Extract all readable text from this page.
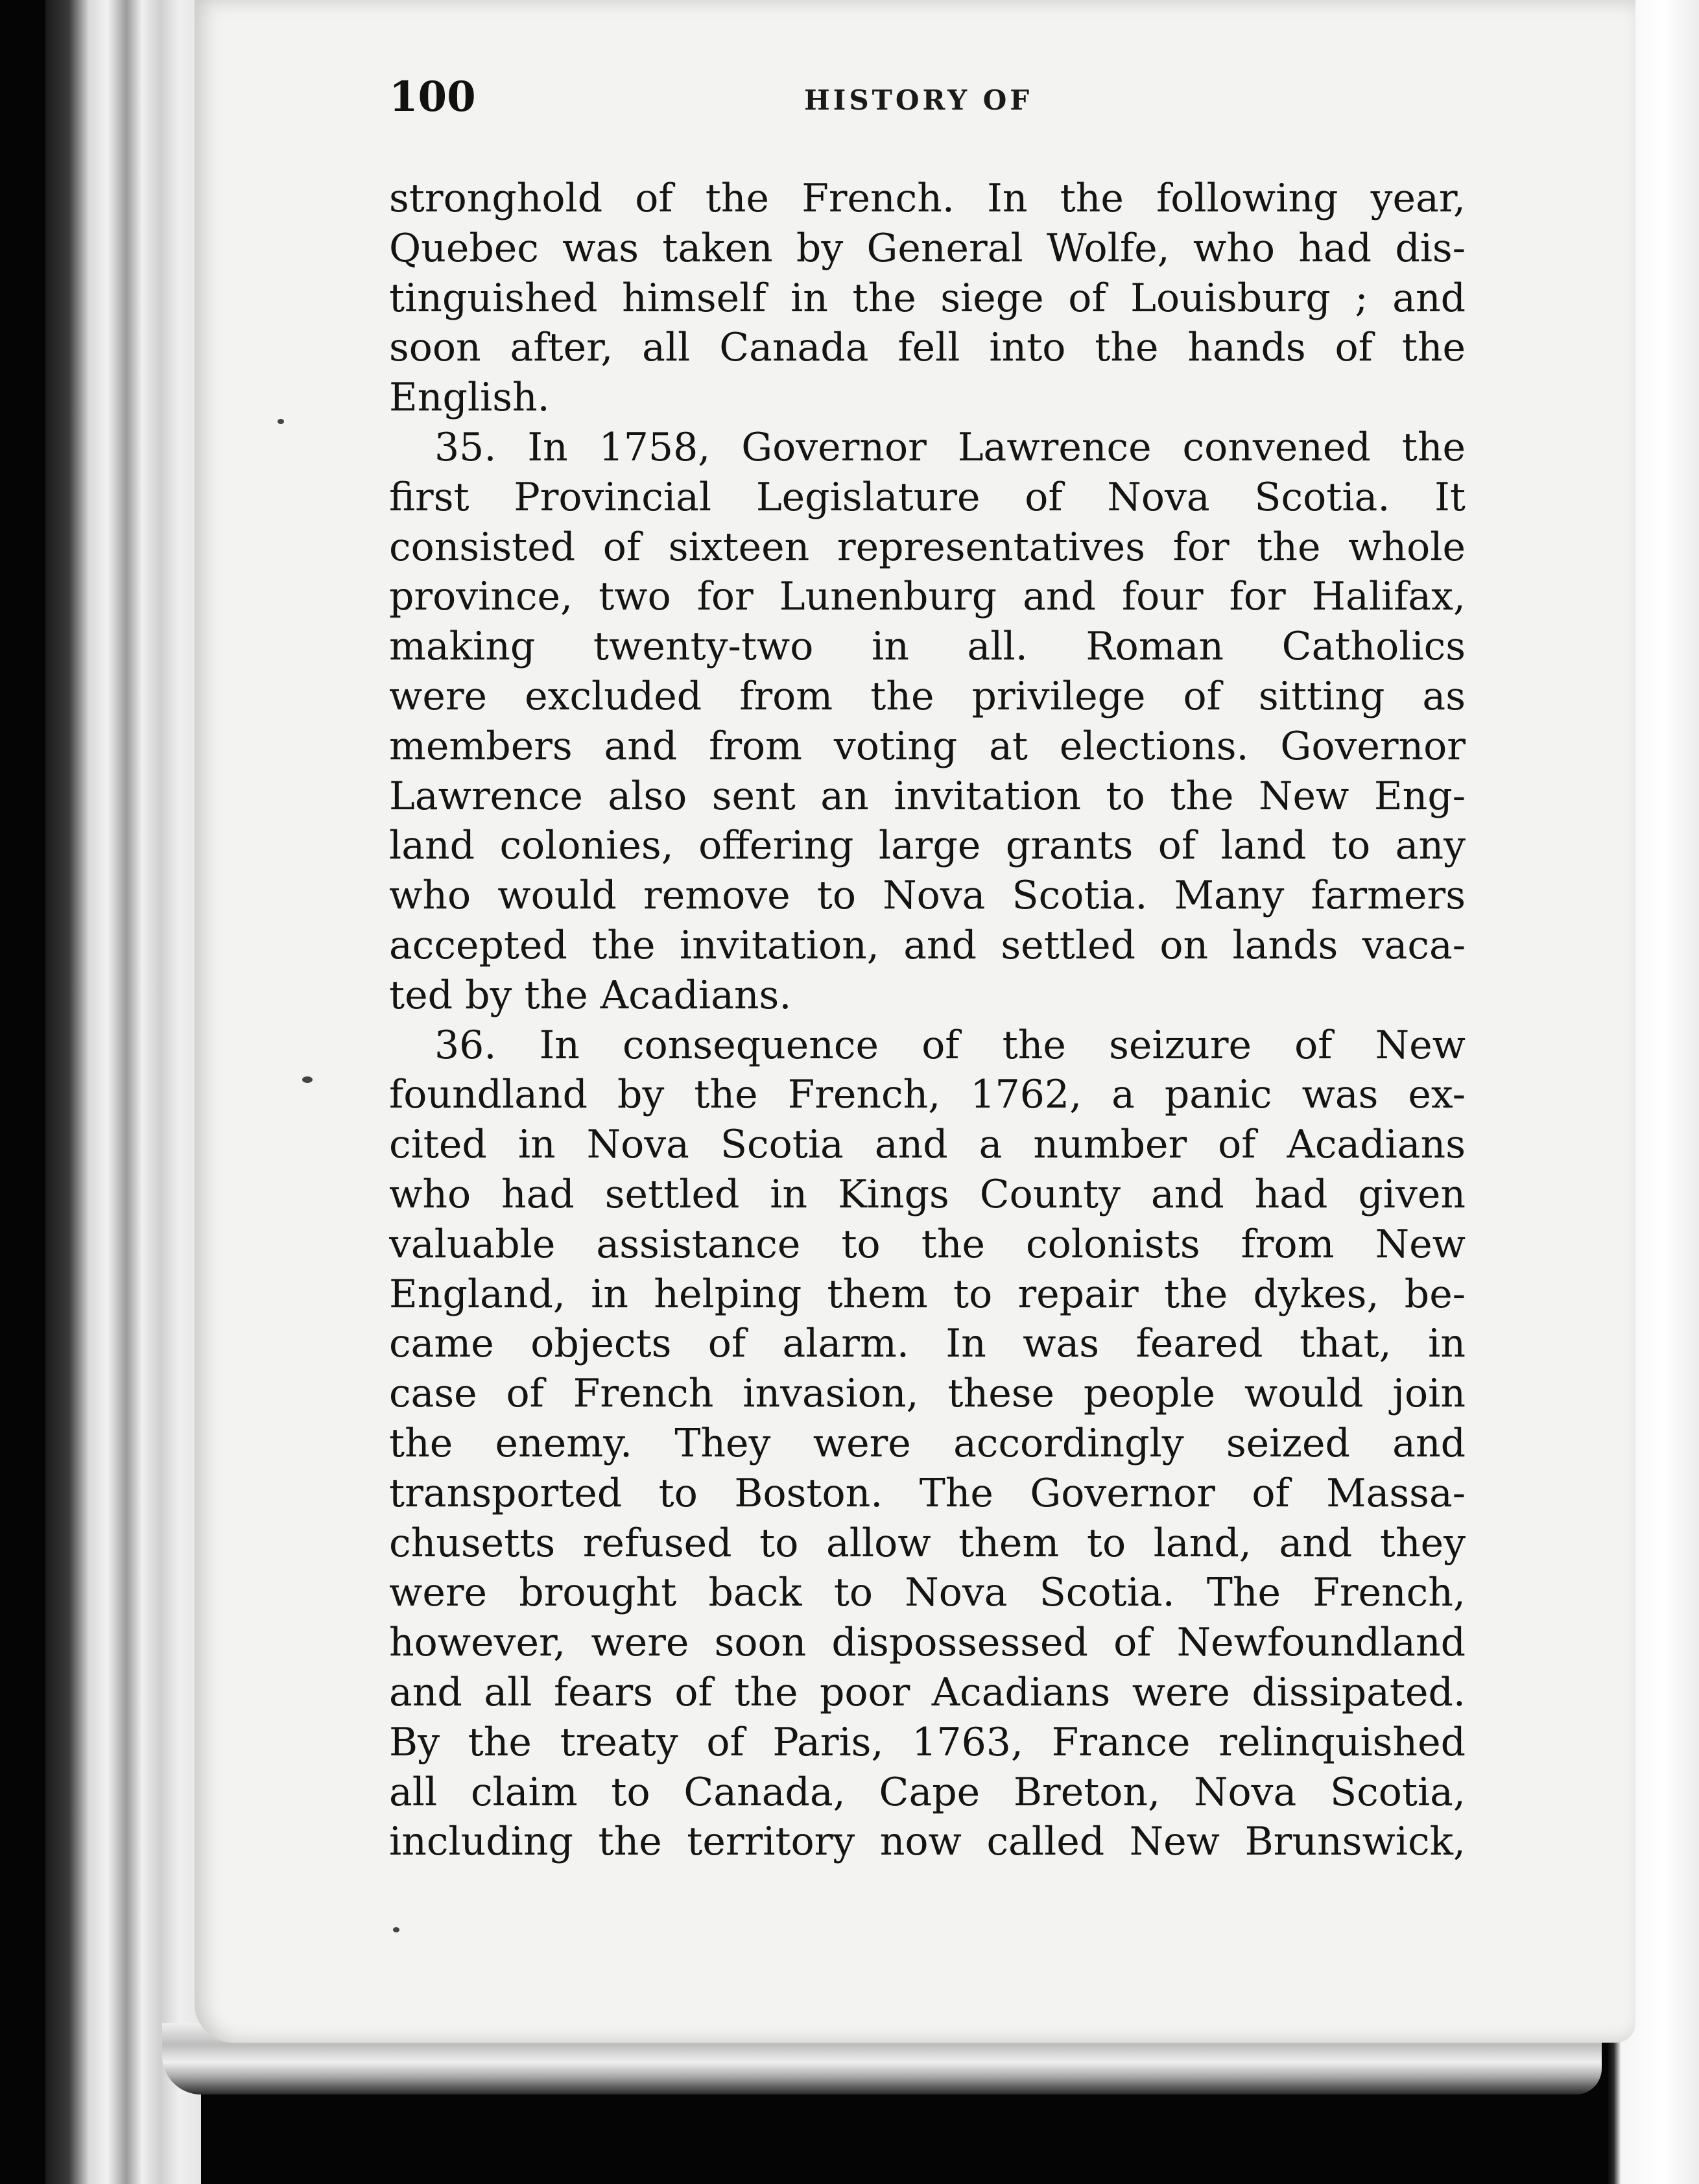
100	HISTORY OF
stronghold of the French. In the following year,
Quebec was taken by General Wolfe, who had dis-
tinguished himself in the siege of Louisburg ; and
soon after, all Canada fell into the hands of the
English.
35. In 1758, Governor Lawrence convened the
first Provincial Legislature of Nova Scotia. It
consisted of sixteen representatives for the whole
province, two for Lunenburg and four for Halifax,
making twenty-two in all. Roman Catholics
were excluded from the privilege of sitting as
members and from voting at elections. Governor
Lawrence also sent an invitation to the New Eng-
land colonies, offering large grants of land to any
who would remove to Nova Scotia. Many farmers
accepted the invitation, and settled on lands vaca-
ted by the Acadians.
36. In consequence of the seizure of New
foundland by the French, 1762, a panic was ex-
cited in Nova Scotia and a number of Acadians
who had settled in Kings County and had given
valuable assistance to the colonists from New
England, in helping them to repair the dykes, be-
came objects of alarm. In was feared that, in
case of French invasion, these people would join
the enemy. They were accordingly seized and
transported to Boston. The Governor of Massa-
chusetts refused to allow them to land, and they
were brought back to Nova Scotia. The French,
however, were soon dispossessed of Newfoundland
and all fears of the poor Acadians were dissipated.
By the treaty of Paris, 1763, France relinquished
all claim to Canada, Cape Breton, Nova Scotia,
including the territory now called New Brunswick,
